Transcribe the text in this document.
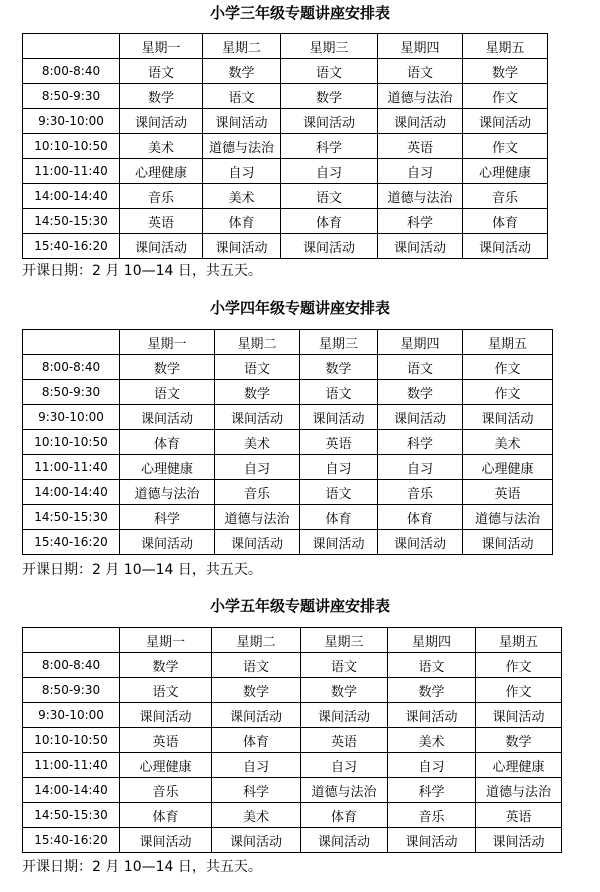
小学三年级专题讲座安排表
	星期一	星期二	星期三	星期四	星期五
8:00-8:40	语文	数学	语文	语文	数学
8:50-9:30	数学	语文	数学	道德与法治	作文
9:30-10:00	课间活动	课间活动	课间活动	课间活动	课间活动
10:10-10:50	美术	道德与法治	科学	英语	作文
11:00-11:40	心理健康	自习	自习	自习	心理健康
14:00-14:40	音乐	美术	语文	道德与法治	音乐
14:50-15:30	英语	体育	体育	科学	体育
15:40-16:20	课间活动	课间活动	课间活动	课间活动	课间活动
开课日期：2 月 10—14 日，共五天。
小学四年级专题讲座安排表
	星期一	星期二	星期三	星期四	星期五
8:00-8:40	数学	语文	数学	语文	作文
8:50-9:30	语文	数学	语文	数学	作文
9:30-10:00	课间活动	课间活动	课间活动	课间活动	课间活动
10:10-10:50	体育	美术	英语	科学	美术
11:00-11:40	心理健康	自习	自习	自习	心理健康
14:00-14:40	道德与法治	音乐	语文	音乐	英语
14:50-15:30	科学	道德与法治	体育	体育	道德与法治
15:40-16:20	课间活动	课间活动	课间活动	课间活动	课间活动
开课日期：2 月 10—14 日，共五天。
小学五年级专题讲座安排表
	星期一	星期二	星期三	星期四	星期五
8:00-8:40	数学	语文	语文	语文	作文
8:50-9:30	语文	数学	数学	数学	作文
9:30-10:00	课间活动	课间活动	课间活动	课间活动	课间活动
10:10-10:50	英语	体育	英语	美术	数学
11:00-11:40	心理健康	自习	自习	自习	心理健康
14:00-14:40	音乐	科学	道德与法治	科学	道德与法治
14:50-15:30	体育	美术	体育	音乐	英语
15:40-16:20	课间活动	课间活动	课间活动	课间活动	课间活动
开课日期：2 月 10—14 日，共五天。
